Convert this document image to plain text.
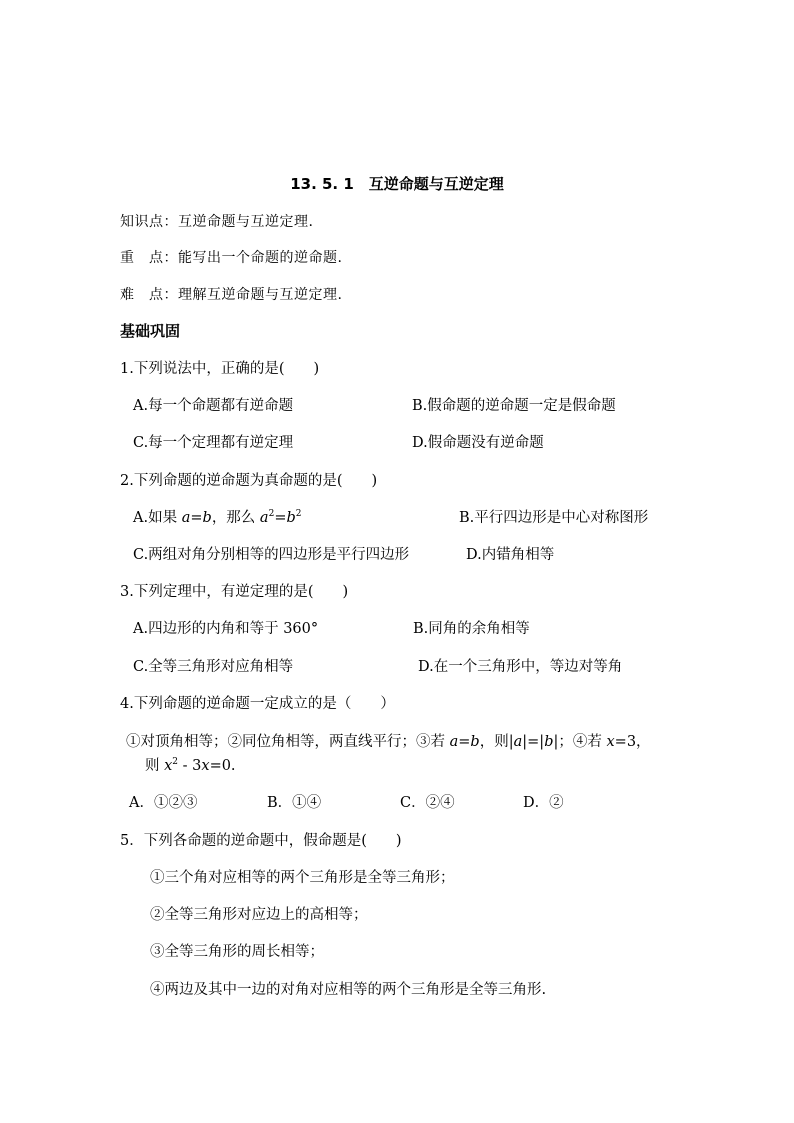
13. 5. 1　互逆命题与互逆定理
知识点：互逆命题与互逆定理.
重　点：能写出一个命题的逆命题.
难　点：理解互逆命题与互逆定理.
基础巩固
1.下列说法中，正确的是(　　)
A.每一个命题都有逆命题	B.假命题的逆命题一定是假命题
C.每一个定理都有逆定理	D.假命题没有逆命题
2.下列命题的逆命题为真命题的是(　　)
A.如果 a=b，那么 $a^2=b^2$	B.平行四边形是中心对称图形
C.两组对角分别相等的四边形是平行四边形	D.内错角相等
3.下列定理中，有逆定理的是(　　)
A.四边形的内角和等于 360°	B.同角的余角相等
C.全等三角形对应角相等	D.在一个三角形中，等边对等角
4.下列命题的逆命题一定成立的是（　　）
①对顶角相等；②同位角相等，两直线平行；③若 a=b，则|a|=|b|；④若 x=3，
则 $x^2 - 3x=0$.
A．①②③	B．①④	C．②④	D．②
5．下列各命题的逆命题中，假命题是(　　)
①三个角对应相等的两个三角形是全等三角形；
②全等三角形对应边上的高相等；
③全等三角形的周长相等；
④两边及其中一边的对角对应相等的两个三角形是全等三角形.
